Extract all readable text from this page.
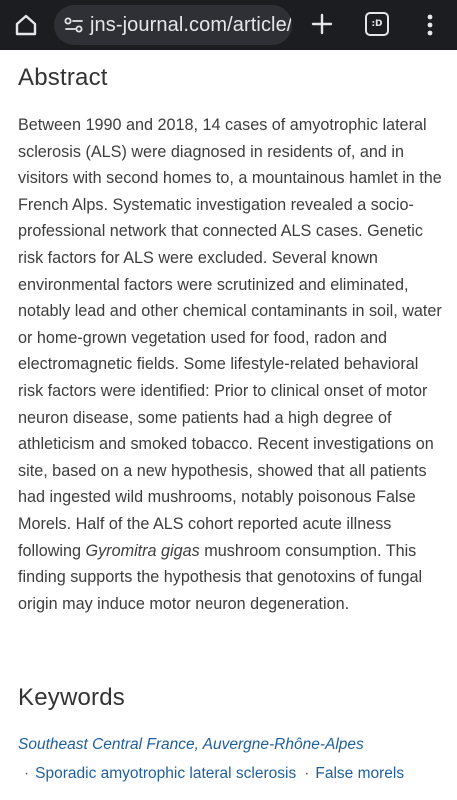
jns-journal.com/article/	:D
Abstract

Between 1990 and 2018, 14 cases of amyotrophic lateral sclerosis (ALS) were diagnosed in residents of, and in visitors with second homes to, a mountainous hamlet in the French Alps. Systematic investigation revealed a socio-professional network that connected ALS cases. Genetic risk factors for ALS were excluded. Several known environmental factors were scrutinized and eliminated, notably lead and other chemical contaminants in soil, water or home-grown vegetation used for food, radon and electromagnetic fields. Some lifestyle-related behavioral risk factors were identified: Prior to clinical onset of motor neuron disease, some patients had a high degree of athleticism and smoked tobacco. Recent investigations on site, based on a new hypothesis, showed that all patients had ingested wild mushrooms, notably poisonous False Morels. Half of the ALS cohort reported acute illness following Gyromitra gigas mushroom consumption. This finding supports the hypothesis that genotoxins of fungal origin may induce motor neuron degeneration.

Keywords
Southeast Central France, Auvergne-Rhône-Alpes
· Sporadic amyotrophic lateral sclerosis · False morels
